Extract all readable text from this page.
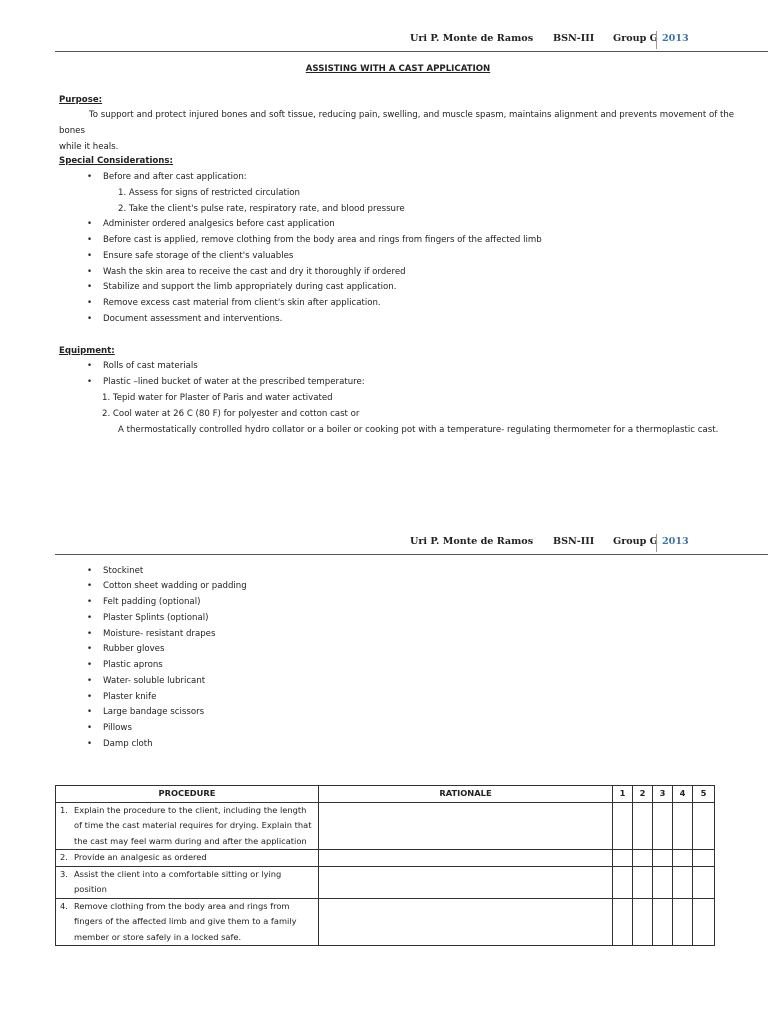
Uri P. Monte de Ramos BSN-III Group G 2013
ASSISTING WITH A CAST APPLICATION
Purpose:
To support and protect injured bones and soft tissue, reducing pain, swelling, and muscle spasm, maintains alignment and prevents movement of the bones
while it heals.
Special Considerations:
• Before and after cast application:
1. Assess for signs of restricted circulation
2. Take the client's pulse rate, respiratory rate, and blood pressure
• Administer ordered analgesics before cast application
• Before cast is applied, remove clothing from the body area and rings from fingers of the affected limb
• Ensure safe storage of the client's valuables
• Wash the skin area to receive the cast and dry it thoroughly if ordered
• Stabilize and support the limb appropriately during cast application.
• Remove excess cast material from client's skin after application.
• Document assessment and interventions.
Equipment:
• Rolls of cast materials
• Plastic –lined bucket of water at the prescribed temperature:
1. Tepid water for Plaster of Paris and water activated
2. Cool water at 26 C (80 F) for polyester and cotton cast or
A thermostatically controlled hydro collator or a boiler or cooking pot with a temperature- regulating thermometer for a thermoplastic cast.
Uri P. Monte de Ramos BSN-III Group G 2013
• Stockinet
• Cotton sheet wadding or padding
• Felt padding (optional)
• Plaster Splints (optional)
• Moisture- resistant drapes
• Rubber gloves
• Plastic aprons
• Water- soluble lubricant
• Plaster knife
• Large bandage scissors
• Pillows
• Damp cloth
PROCEDURE	RATIONALE	1	2	3	4	5
1. Explain the procedure to the client, including the length

of time the cast material requires for drying. Explain that
the cast may feel warm during and after the application						

2. Provide an analgesic as ordered						
3. Assist the client into a comfortable sitting or lying

position						

4. Remove clothing from the body area and rings from

fingers of the affected limb and give them to a family
member or store safely in a locked safe.						
